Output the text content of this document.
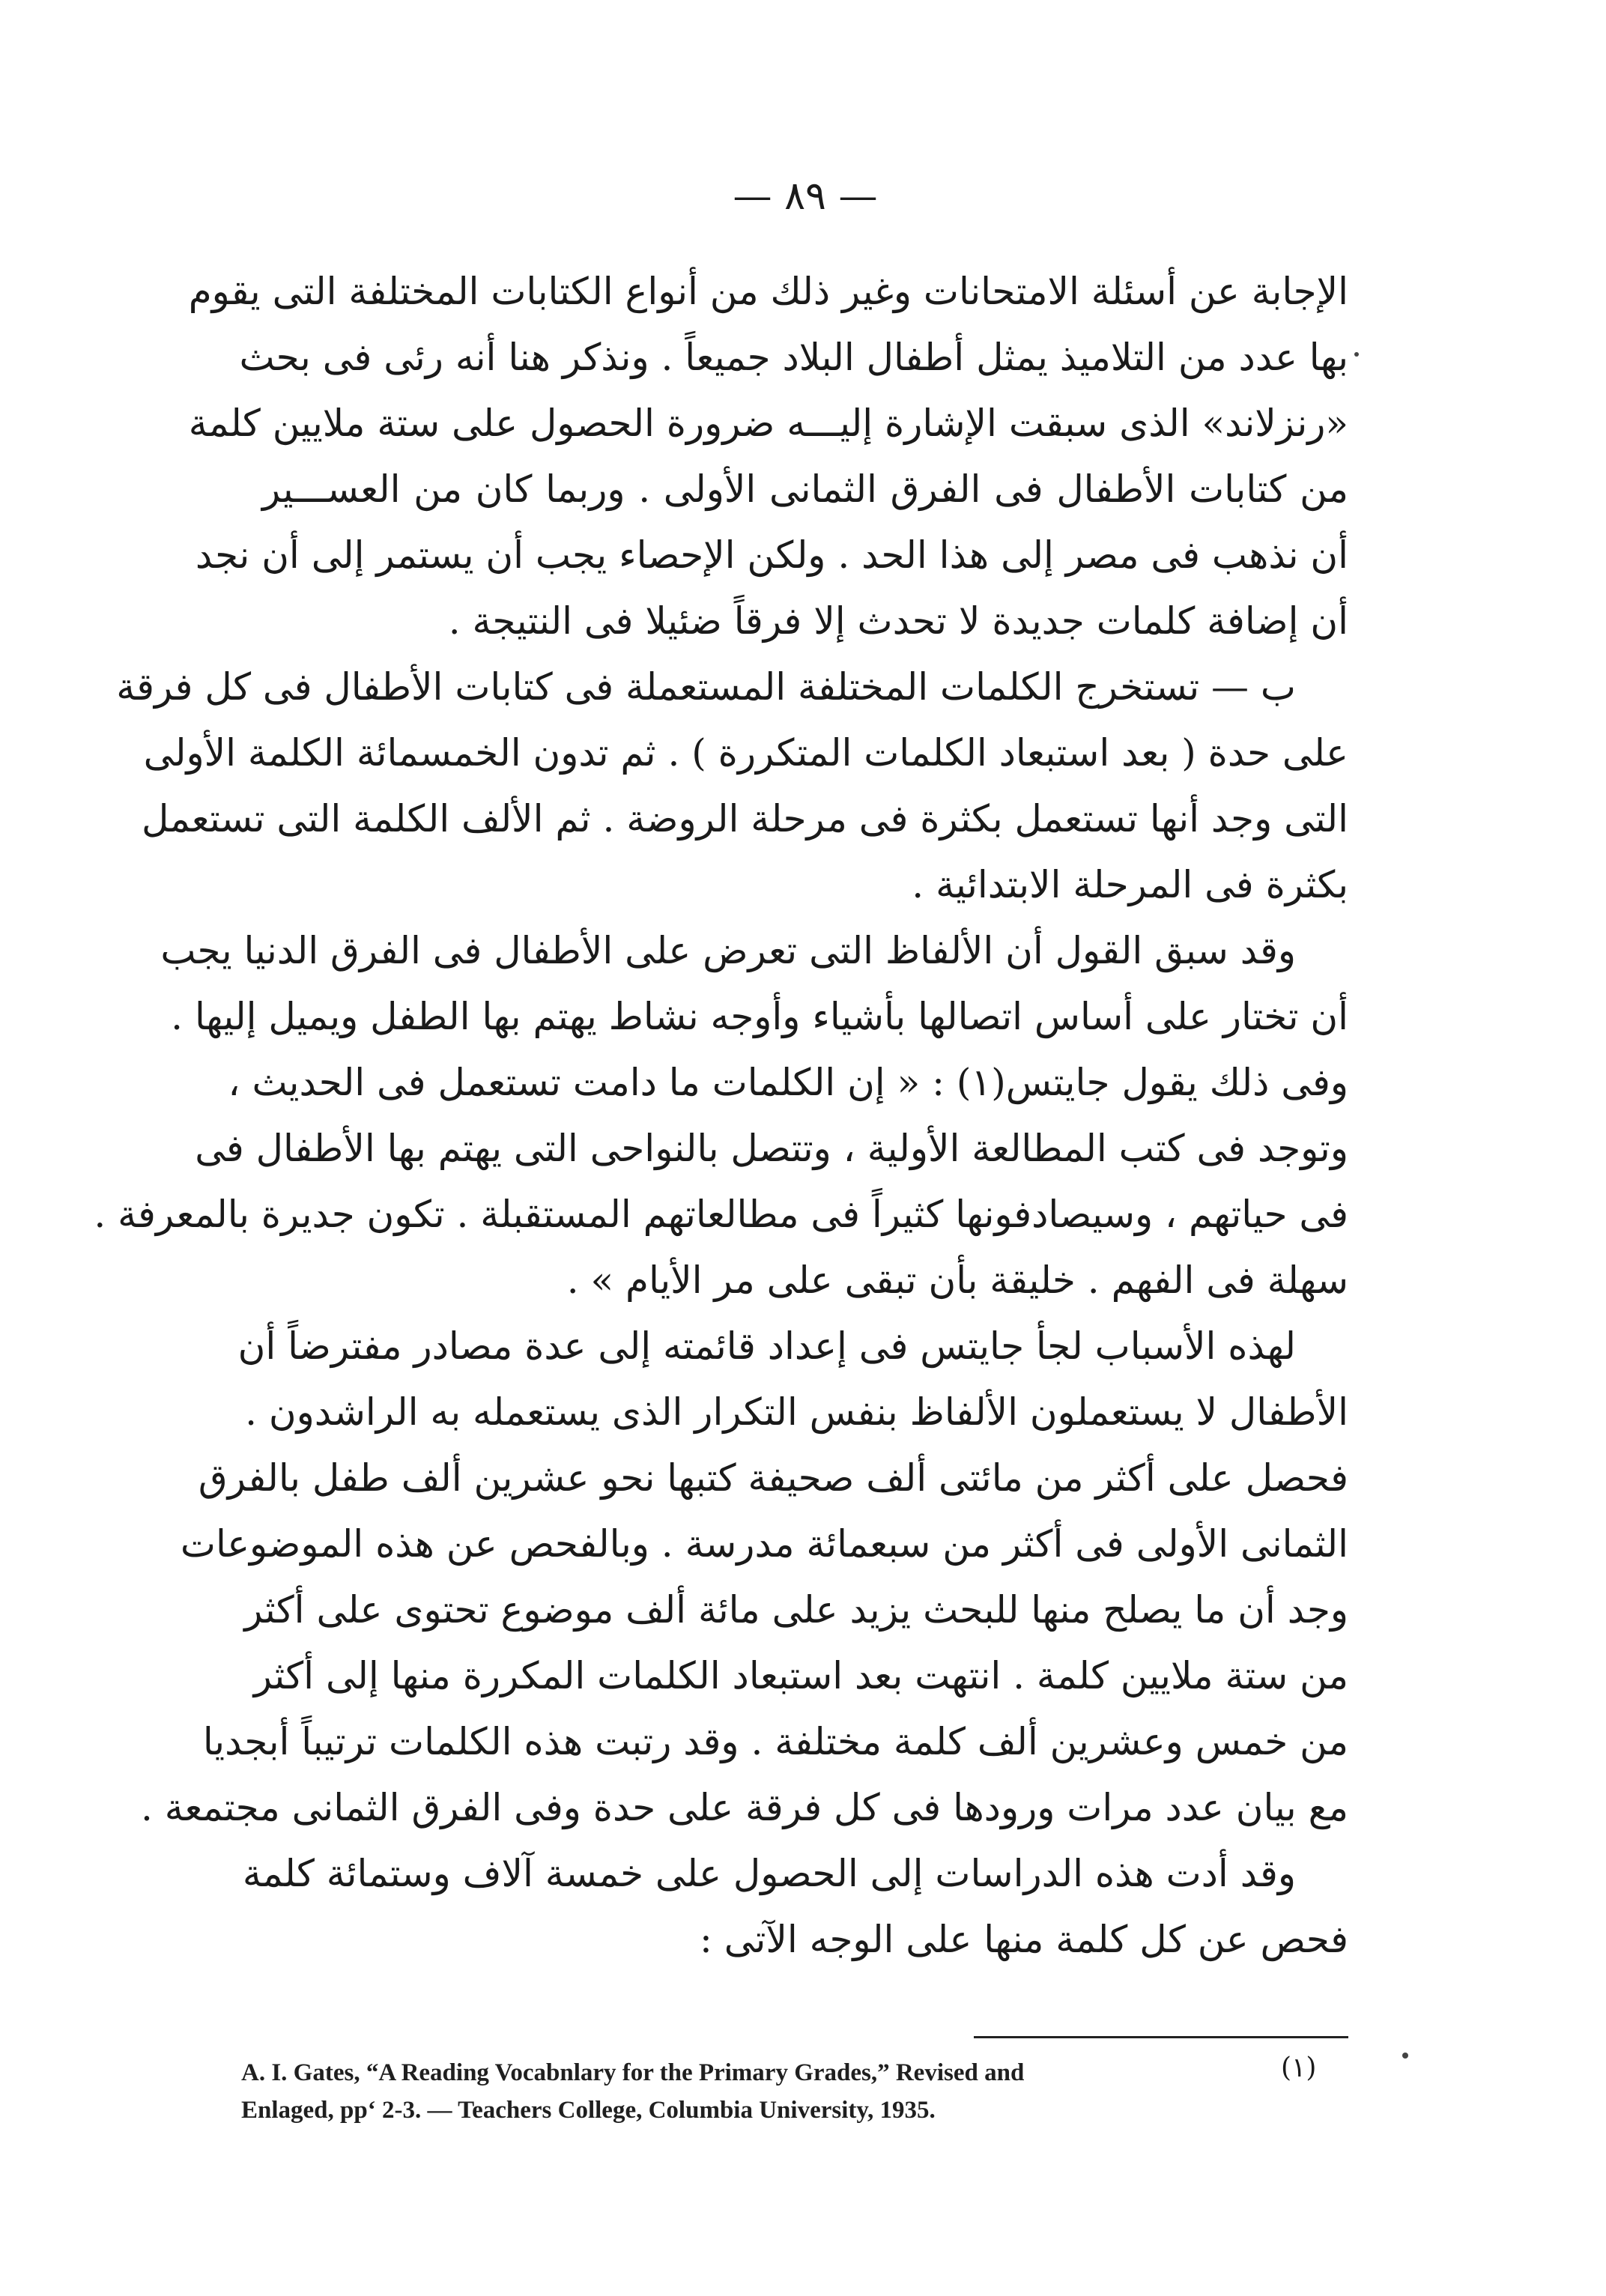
— ٨٩ —
الإجابة عن أسئلة الامتحانات وغير ذلك من أنواع الكتابات المختلفة التى يقوم
بها عدد من التلاميذ يمثل أطفال البلاد جميعاً . ونذكر هنا أنه رئى فى بحث
«رنزلاند» الذى سبقت الإشارة إليـــه ضرورة الحصول على ستة ملايين كلمة
من كتابات الأطفال فى الفرق الثمانى الأولى . وربما كان من العســـير
أن نذهب فى مصر إلى هذا الحد . ولكن الإحصاء يجب أن يستمر إلى أن نجد
أن إضافة كلمات جديدة لا تحدث إلا فرقاً ضئيلا فى النتيجة .
ب — تستخرج الكلمات المختلفة المستعملة فى كتابات الأطفال فى كل فرقة
على حدة ( بعد استبعاد الكلمات المتكررة ) . ثم تدون الخمسمائة الكلمة الأولى
التى وجد أنها تستعمل بكثرة فى مرحلة الروضة . ثم الألف الكلمة التى تستعمل
بكثرة فى المرحلة الابتدائية .
وقد سبق القول أن الألفاظ التى تعرض على الأطفال فى الفرق الدنيا يجب
أن تختار على أساس اتصالها بأشياء وأوجه نشاط يهتم بها الطفل ويميل إليها .
وفى ذلك يقول جايتس(١) : « إن الكلمات ما دامت تستعمل فى الحديث ،
وتوجد فى كتب المطالعة الأولية ، وتتصل بالنواحى التى يهتم بها الأطفال فى
فى حياتهم ، وسيصادفونها كثيراً فى مطالعاتهم المستقبلة . تكون جديرة بالمعرفة .
سهلة فى الفهم . خليقة بأن تبقى على مر الأيام » .
لهذه الأسباب لجأ جايتس فى إعداد قائمته إلى عدة مصادر مفترضاً أن
الأطفال لا يستعملون الألفاظ بنفس التكرار الذى يستعمله به الراشدون .
فحصل على أكثر من مائتى ألف صحيفة كتبها نحو عشرين ألف طفل بالفرق
الثمانى الأولى فى أكثر من سبعمائة مدرسة . وبالفحص عن هذه الموضوعات
وجد أن ما يصلح منها للبحث يزيد على مائة ألف موضوع تحتوى على أكثر
من ستة ملايين كلمة . انتهت بعد استبعاد الكلمات المكررة منها إلى أكثر
من خمس وعشرين ألف كلمة مختلفة . وقد رتبت هذه الكلمات ترتيباً أبجديا
مع بيان عدد مرات ورودها فى كل فرقة على حدة وفى الفرق الثمانى مجتمعة .
وقد أدت هذه الدراسات إلى الحصول على خمسة آلاف وستمائة كلمة
فحص عن كل كلمة منها على الوجه الآتى :
(١)
A. I. Gates, “A Reading Vocabnlary for the Primary Grades,” Revised and
Enlaged, pp‘ 2-3. — Teachers College, Columbia University, 1935.
